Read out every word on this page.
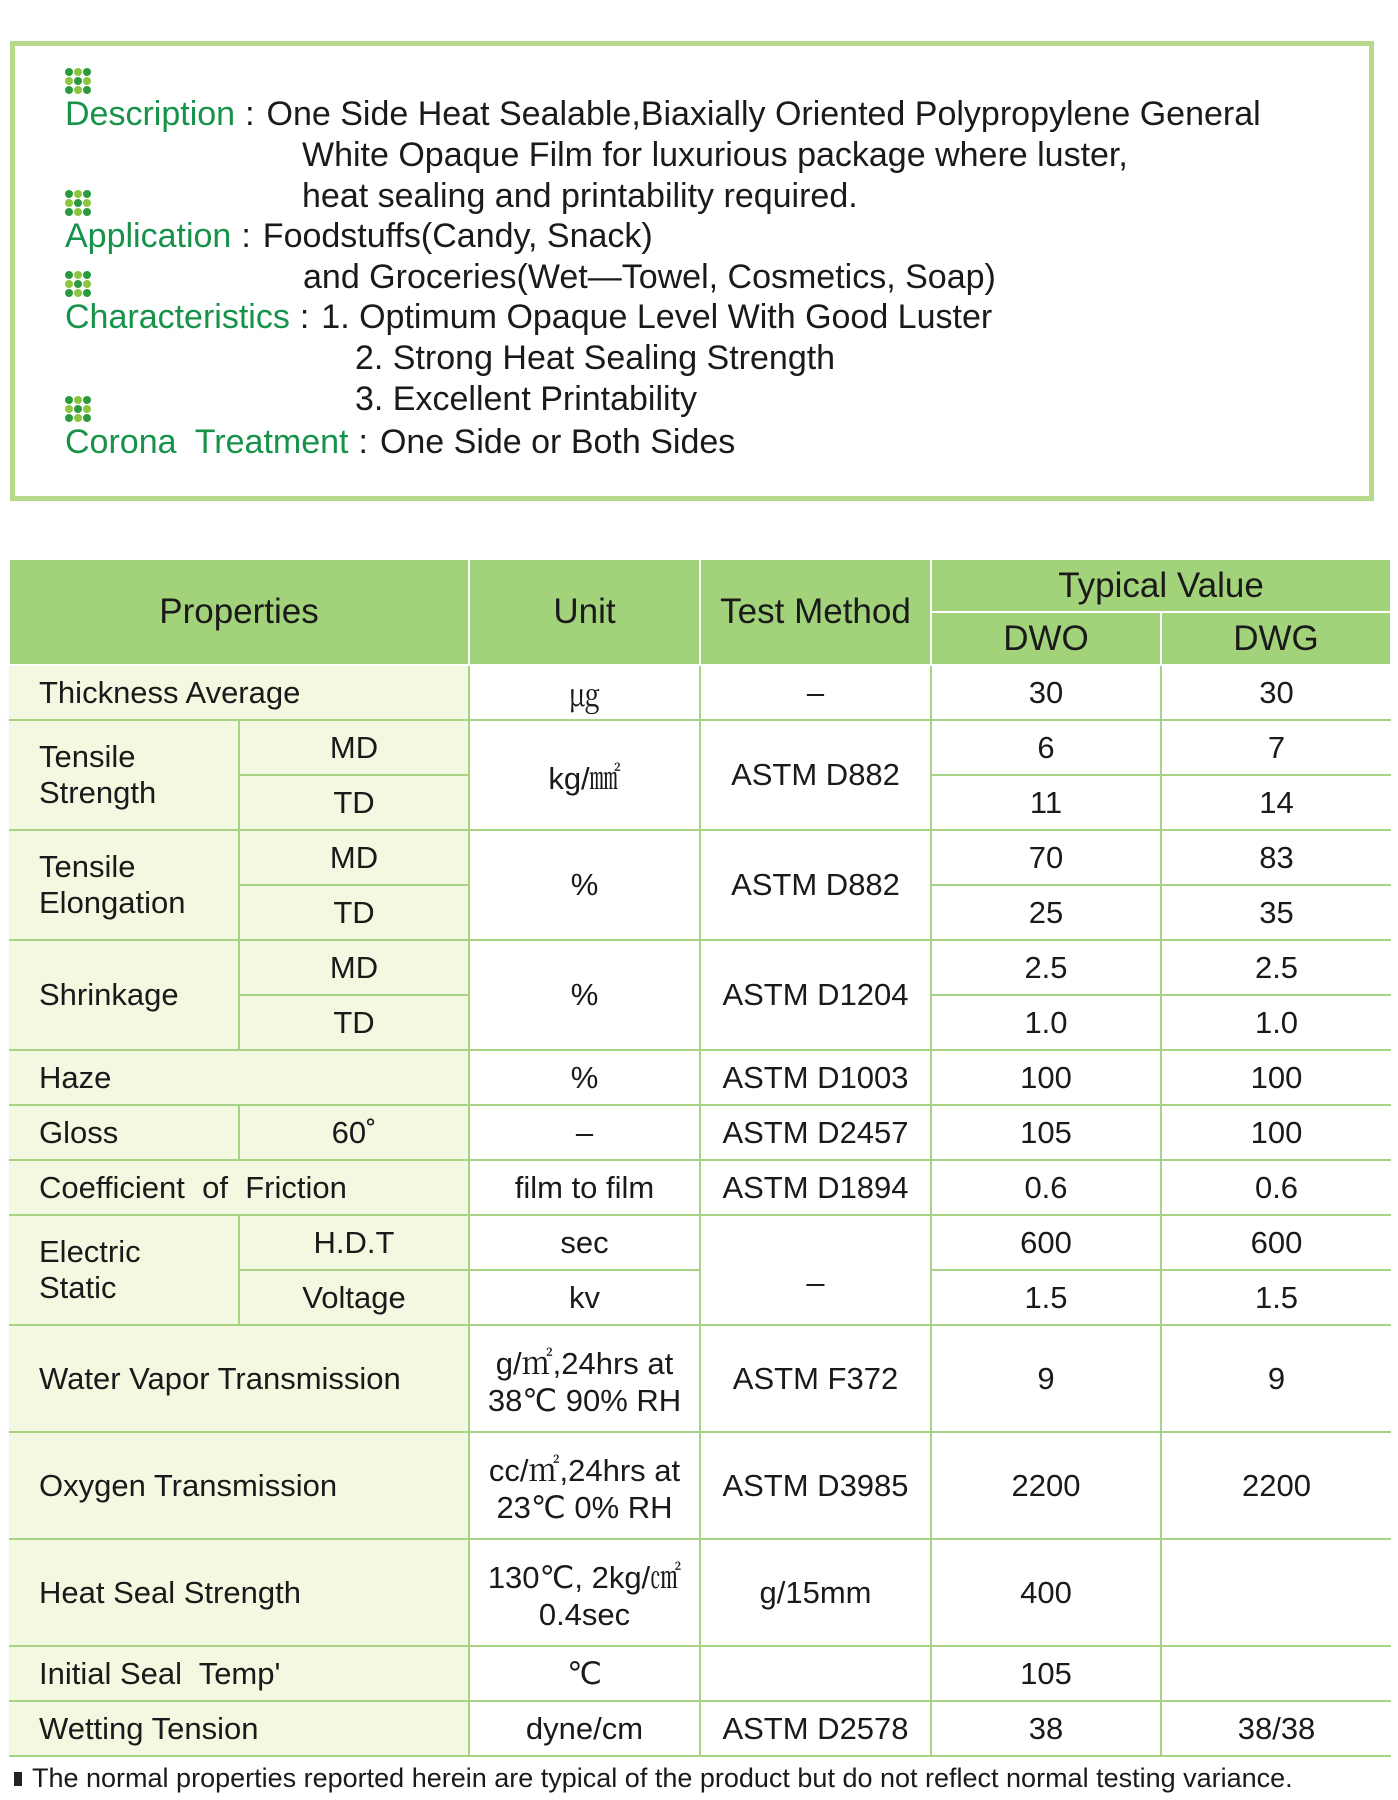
Description : One Side Heat Sealable,Biaxially Oriented Polypropylene General
White Opaque Film for luxurious package where luster,
heat sealing and printability required.
Application : Foodstuffs(Candy, Snack)
and Groceries(Wet—Towel, Cosmetics, Soap)
Characteristics : 1. Optimum Opaque Level With Good Luster
2. Strong Heat Sealing Strength
3. Excellent Printability
Corona  Treatment : One Side or Both Sides
Properties		Unit	Test Method	Typical Value	
				DWO	DWG
Thickness Average		㎍	–	30	30
Tensile Strength	MD	kg/㎟	ASTM D882	6	7
	TD			11	14
Tensile Elongation	MD	%	ASTM D882	70	83
	TD			25	35
Shrinkage	MD	%	ASTM D1204	2.5	2.5
	TD			1.0	1.0
Haze		%	ASTM D1003	100	100
Gloss	60˚	–	ASTM D2457	105	100
Coefficient  of  Friction		film to film	ASTM D1894	0.6	0.6

Electric
Static	H.D.T	sec	_	600	600
	Voltage	kv		1.5	1.5
Water Vapor Transmission		g/㎡,24hrs at
38℃ 90% RH	ASTM F372	9	9
Oxygen Transmission		cc/㎡,24hrs at
23℃ 0% RH	ASTM D3985	2200	2200
Heat Seal Strength		130℃, 2kg/㎠
0.4sec	g/15mm	400	
Initial Seal  Temp'		℃		105	
Wetting Tension		dyne/cm	ASTM D2578	38	38/38
The normal properties reported herein are typical of the product but do not reflect normal testing variance.
